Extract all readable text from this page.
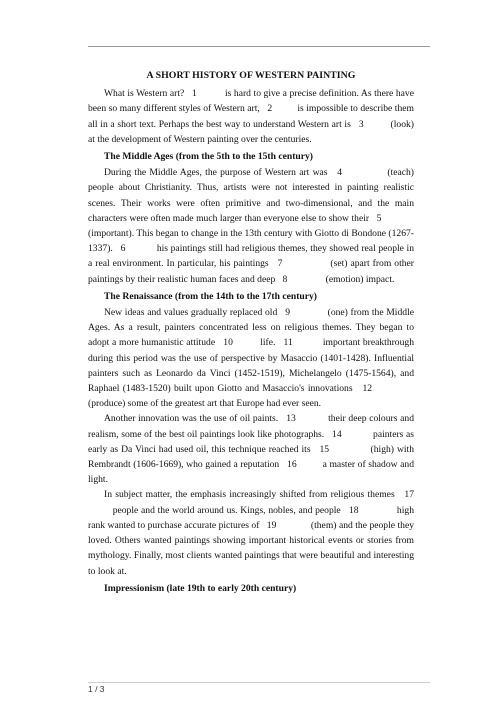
A SHORT HISTORY OF WESTERN PAINTING

What is Western art?   1           is hard to give a precise definition. As there have been so many different styles of Western art,   2          is impossible to describe them all in a short text. Perhaps the best way to understand Western art is   3          (look) at the development of Western painting over the centuries.

The Middle Ages (from the 5th to the 15th century)

During the Middle Ages, the purpose of Western art was   4              (teach) people about Christianity. Thus, artists were not interested in painting realistic scenes. Their works were often primitive and two-dimensional, and the main characters were often made much larger than everyone else to show their   5              (important). This began to change in the 13th century with Giotto di Bondone (1267-1337).   6            his paintings still had religious themes, they showed real people in a real environment. In particular, his paintings   7                (set) apart from other paintings by their realistic human faces and deep   8                (emotion) impact.

The Renaissance (from the 14th to the 17th century)

New ideas and values gradually replaced old   9              (one) from the Middle Ages. As a result, painters concentrated less on religious themes. They began to adopt a more humanistic attitude   10          life.   11           important breakthrough during this period was the use of perspective by Masaccio (1401-1428). Influential painters such as Leonardo da Vinci (1452-1519), Michelangelo (1475-1564), and Raphael (1483-1520) built upon Giotto and Masaccio's innovations   12              (produce) some of the greatest art that Europe had ever seen.

Another innovation was the use of oil paints.   13            their deep colours and realism, some of the best oil paintings look like photographs.   14            painters as early as Da Vinci had used oil, this technique reached its   15              (high) with Rembrandt (1606-1669), who gained a reputation   16          a master of shadow and light.

In subject matter, the emphasis increasingly shifted from religious themes   17          people and the world around us. Kings, nobles, and people   18              high rank wanted to purchase accurate pictures of   19              (them) and the people they loved. Others wanted paintings showing important historical events or stories from mythology. Finally, most clients wanted paintings that were beautiful and interesting to look at.

Impressionism (late 19th to early 20th century)
1 / 3
